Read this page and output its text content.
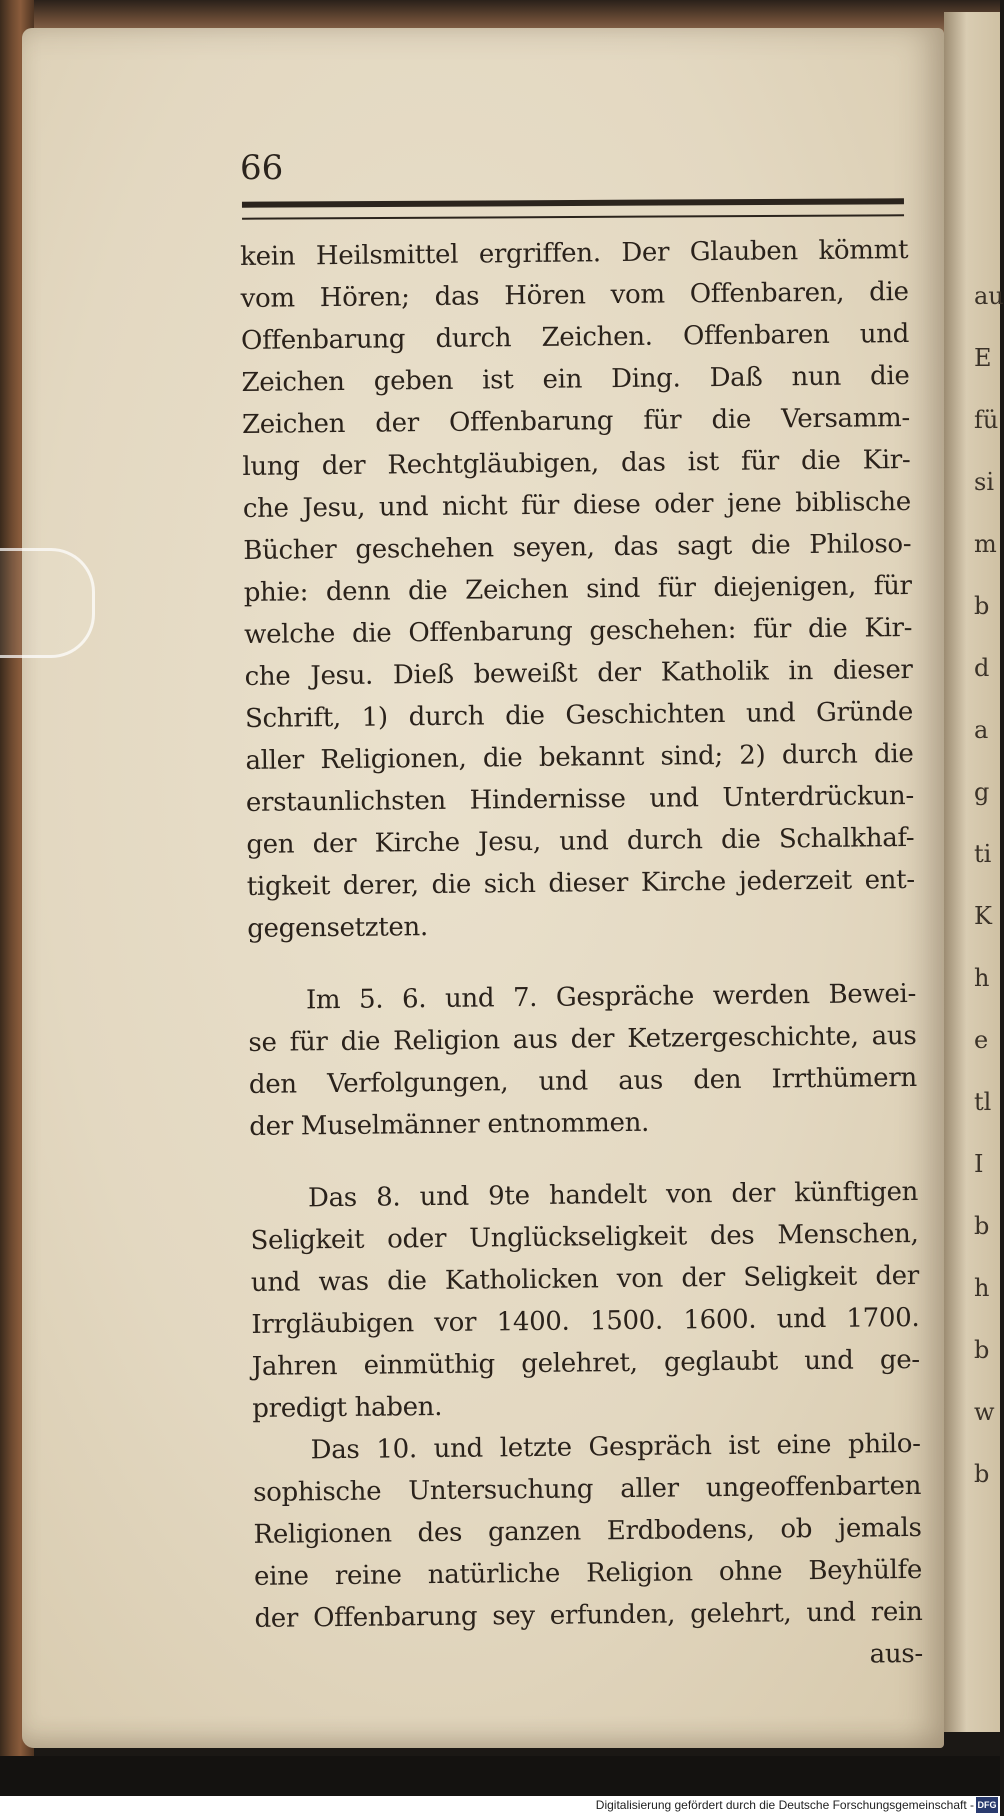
au
E
fü
si
m
b
d
a
g
ti
K
h
e
tl
I
b
h
b
w
b
66
kein Heilsmittel ergriffen. Der Glauben kömmt
vom Hören; das Hören vom Offenbaren, die
Offenbarung durch Zeichen. Offenbaren und
Zeichen geben ist ein Ding. Daß nun die
Zeichen der Offenbarung für die Versamm-
lung der Rechtgläubigen, das ist für die Kir-
che Jesu, und nicht für diese oder jene biblische
Bücher geschehen seyen, das sagt die Philoso-
phie: denn die Zeichen sind für diejenigen, für
welche die Offenbarung geschehen: für die Kir-
che Jesu. Dieß beweißt der Katholik in dieser
Schrift, 1) durch die Geschichten und Gründe
aller Religionen, die bekannt sind; 2) durch die
erstaunlichsten Hindernisse und Unterdrückun-
gen der Kirche Jesu, und durch die Schalkhaf-
tigkeit derer, die sich dieser Kirche jederzeit ent-
gegensetzten.
Im 5. 6. und 7. Gespräche werden Bewei-
se für die Religion aus der Ketzergeschichte, aus
den Verfolgungen, und aus den Irrthümern
der Muselmänner entnommen.
Das 8. und 9te handelt von der künftigen
Seligkeit oder Unglückseligkeit des Menschen,
und was die Katholicken von der Seligkeit der
Irrgläubigen vor 1400. 1500. 1600. und 1700.
Jahren einmüthig gelehret, geglaubt und ge-
predigt haben.
Das 10. und letzte Gespräch ist eine philo-
sophische Untersuchung aller ungeoffenbarten
Religionen des ganzen Erdbodens, ob jemals
eine reine natürliche Religion ohne Beyhülfe
der Offenbarung sey erfunden, gelehrt, und rein
aus-
Digitalisierung gefördert durch die Deutsche Forschungsgemeinschaft - DFG
